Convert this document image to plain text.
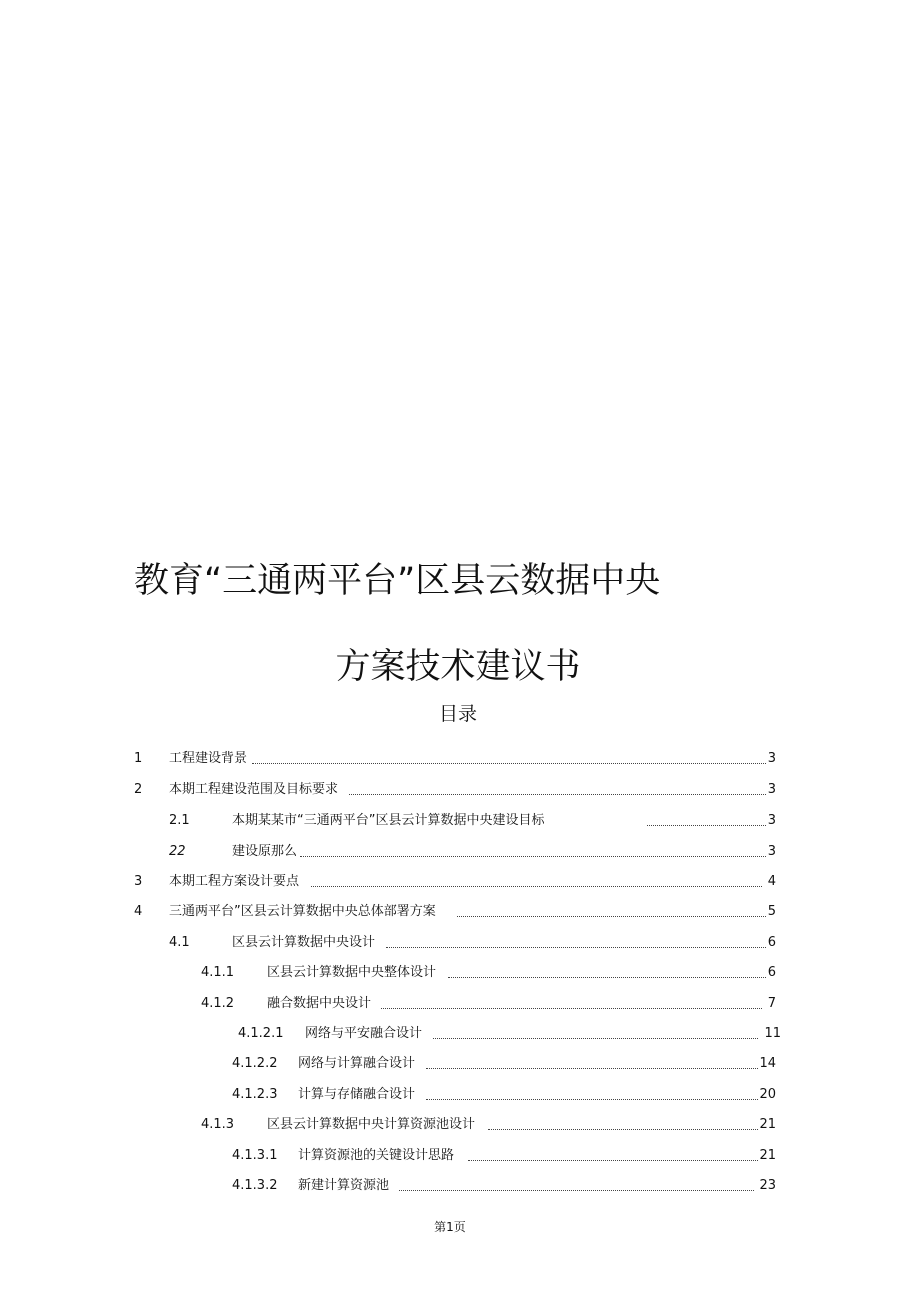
教育“三通两平台”区县云数据中央
方案技术建议书
目录
1 工程建设背景	3
2 本期工程建设范围及目标要求	3
2.1	本期某某市“三通两平台”区县云计算数据中央建设目标	3
22	建设原那么	3
3 本期工程方案设计要点	4
4 三通两平台”区县云计算数据中央总体部署方案	5
4.1	区县云计算数据中央设计	6
4.1.1	区县云计算数据中央整体设计	6
4.1.2	融合数据中央设计	7
4.1.2.1 网络与平安融合设计	11
4.1.2.2 网络与计算融合设计	14
4.1.2.3 计算与存储融合设计	20
4.1.3	区县云计算数据中央计算资源池设计	21
4.1.3.1 计算资源池的关键设计思路	21
4.1.3.2 新建计算资源池	23
第1页
